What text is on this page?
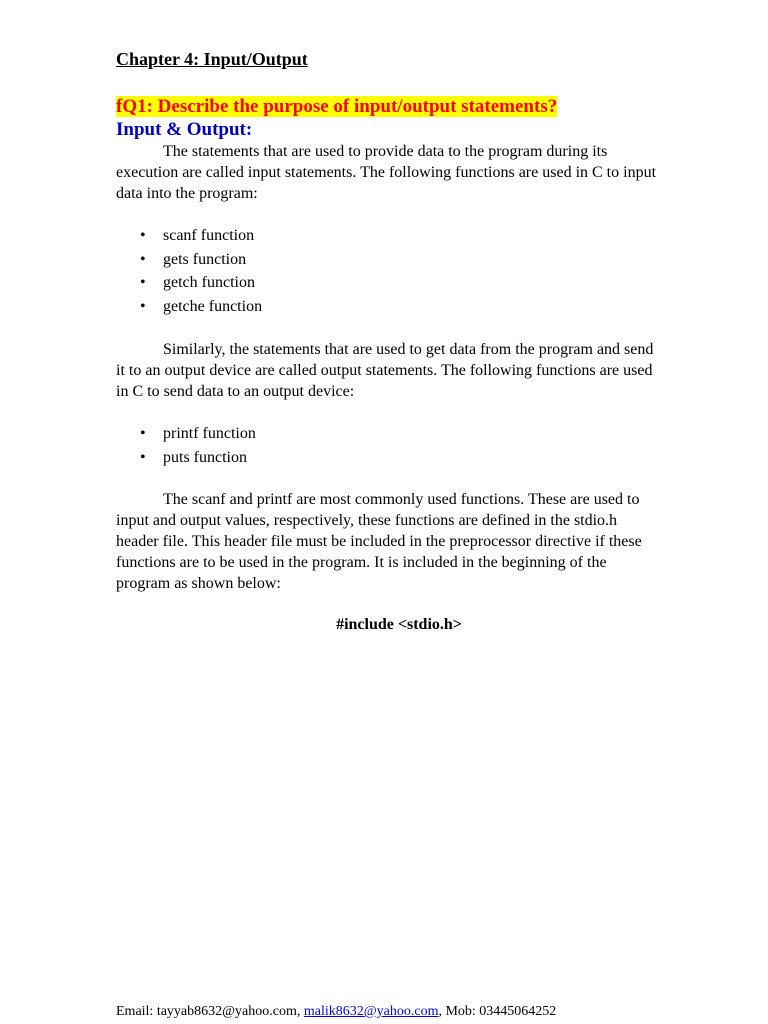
Chapter 4: Input/Output
fQ1: Describe the purpose of input/output statements?
Input & Output:

The statements that are used to provide data to the program during its execution are called input statements. The following functions are used in C to input data into the program:

• scanf function
• gets function
• getch function
• getche function

Similarly, the statements that are used to get data from the program and send it to an output device are called output statements. The following functions are used in C to send data to an output device:

• printf function
• puts function

The scanf and printf are most commonly used functions. These are used to input and output values, respectively, these functions are defined in the stdio.h header file. This header file must be included in the preprocessor directive if these functions are to be used in the program. It is included in the beginning of the program as shown below:

#include <stdio.h>

Email: tayyab8632@yahoo.com, malik8632@yahoo.com, Mob: 03445064252
